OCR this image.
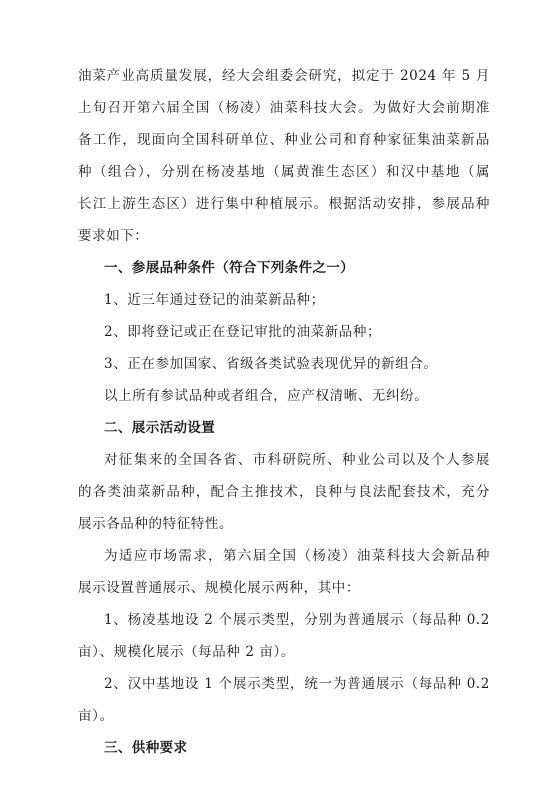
油菜产业高质量发展，经大会组委会研究，拟定于 2024 年 5 月
上旬召开第六届全国（杨凌）油菜科技大会。为做好大会前期准
备工作，现面向全国科研单位、种业公司和育种家征集油菜新品
种（组合），分别在杨凌基地（属黄淮生态区）和汉中基地（属
长江上游生态区）进行集中种植展示。根据活动安排，参展品种
要求如下：
一、参展品种条件（符合下列条件之一）
1、近三年通过登记的油菜新品种；
2、即将登记或正在登记审批的油菜新品种；
3、正在参加国家、省级各类试验表现优异的新组合。
以上所有参试品种或者组合，应产权清晰、无纠纷。
二、展示活动设置
对征集来的全国各省、市科研院所、种业公司以及个人参展
的各类油菜新品种，配合主推技术，良种与良法配套技术，充分
展示各品种的特征特性。
为适应市场需求，第六届全国（杨凌）油菜科技大会新品种
展示设置普通展示、规模化展示两种，其中：
1、杨凌基地设 2 个展示类型，分别为普通展示（每品种 0.2
亩）、规模化展示（每品种 2 亩）。
2、汉中基地设 1 个展示类型，统一为普通展示（每品种 0.2
亩）。
三、供种要求
